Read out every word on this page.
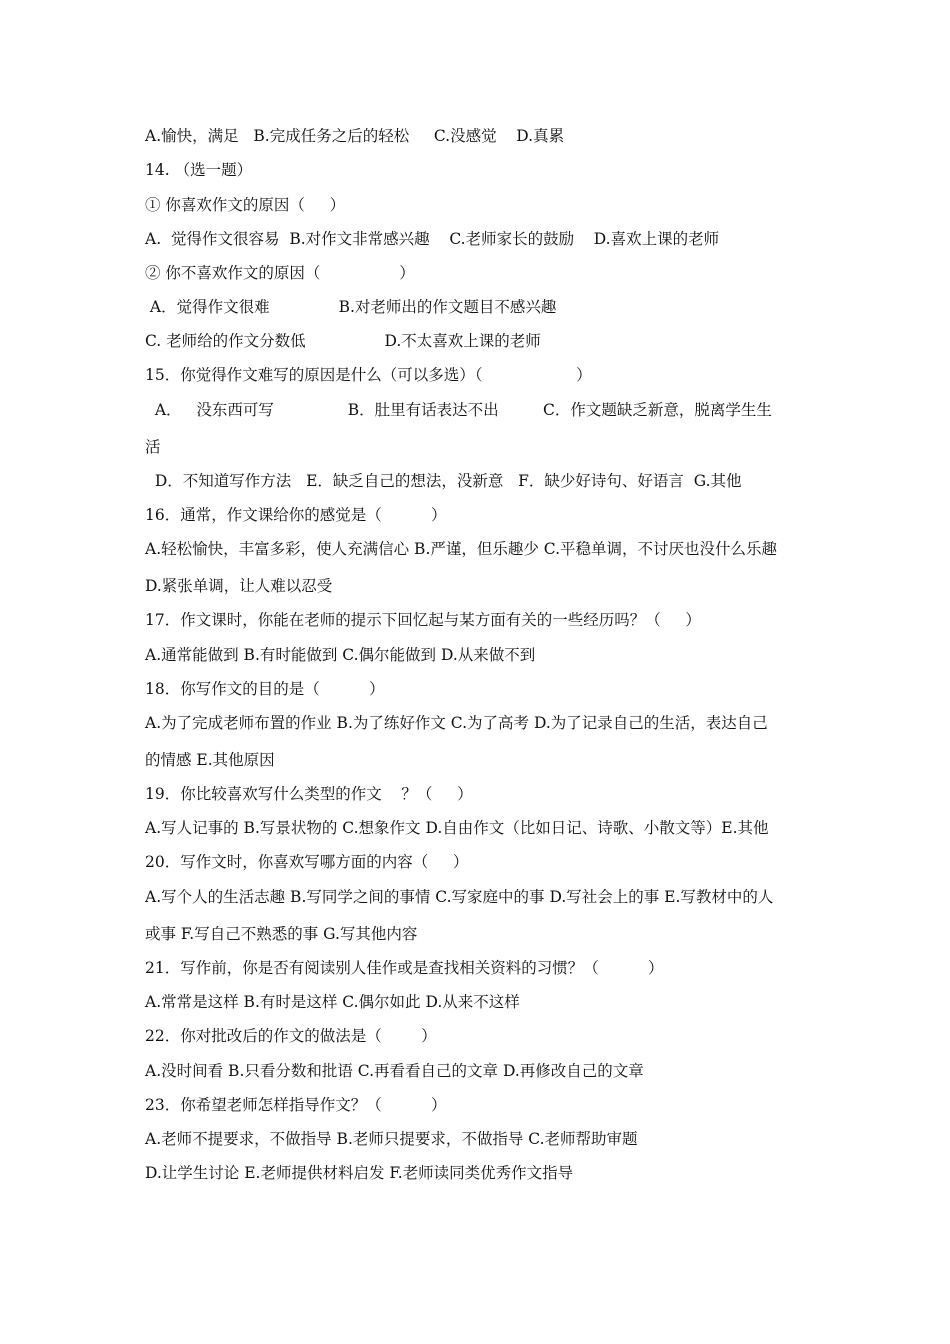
A.愉快，满足   B.完成任务之后的轻松     C.没感觉    D.真累
14. （选一题）
① 你喜欢作文的原因（     ）
A.  觉得作文很容易  B.对作文非常感兴趣    C.老师家长的鼓励    D.喜欢上课的老师
② 你不喜欢作文的原因（                ）
A．觉得作文很难              B.对老师出的作文题目不感兴趣
C. 老师给的作文分数低                D.不太喜欢上课的老师
15．你觉得作文难写的原因是什么（可以多选）（                   ）
A．   没东西可写               B．肚里有话表达不出         C．作文题缺乏新意，脱离学生生
活
D．不知道写作方法   E．缺乏自己的想法，没新意   F．缺少好诗句、好语言  G.其他
16．通常，作文课给你的感觉是（          ）
A.轻松愉快，丰富多彩，使人充满信心 B.严谨，但乐趣少 C.平稳单调，不讨厌也没什么乐趣
D.紧张单调，让人难以忍受
17．作文课时，你能在老师的提示下回忆起与某方面有关的一些经历吗？（     ）
A.通常能做到 B.有时能做到 C.偶尔能做到 D.从来做不到
18．你写作文的目的是（          ）
A.为了完成老师布置的作业 B.为了练好作文 C.为了高考 D.为了记录自己的生活，表达自己
的情感 E.其他原因
19．你比较喜欢写什么类型的作文    ？（     ）
A.写人记事的 B.写景状物的 C.想象作文 D.自由作文（比如日记、诗歌、小散文等）E.其他
20．写作文时，你喜欢写哪方面的内容（     ）
A.写个人的生活志趣 B.写同学之间的事情 C.写家庭中的事 D.写社会上的事 E.写教材中的人
或事 F.写自己不熟悉的事 G.写其他内容
21．写作前，你是否有阅读别人佳作或是查找相关资料的习惯？（          ）
A.常常是这样 B.有时是这样 C.偶尔如此 D.从来不这样
22．你对批改后的作文的做法是（        ）
A.没时间看 B.只看分数和批语 C.再看看自己的文章 D.再修改自己的文章
23．你希望老师怎样指导作文？（          ）
A.老师不提要求，不做指导 B.老师只提要求，不做指导 C.老师帮助审题
D.让学生讨论 E.老师提供材料启发 F.老师读同类优秀作文指导
